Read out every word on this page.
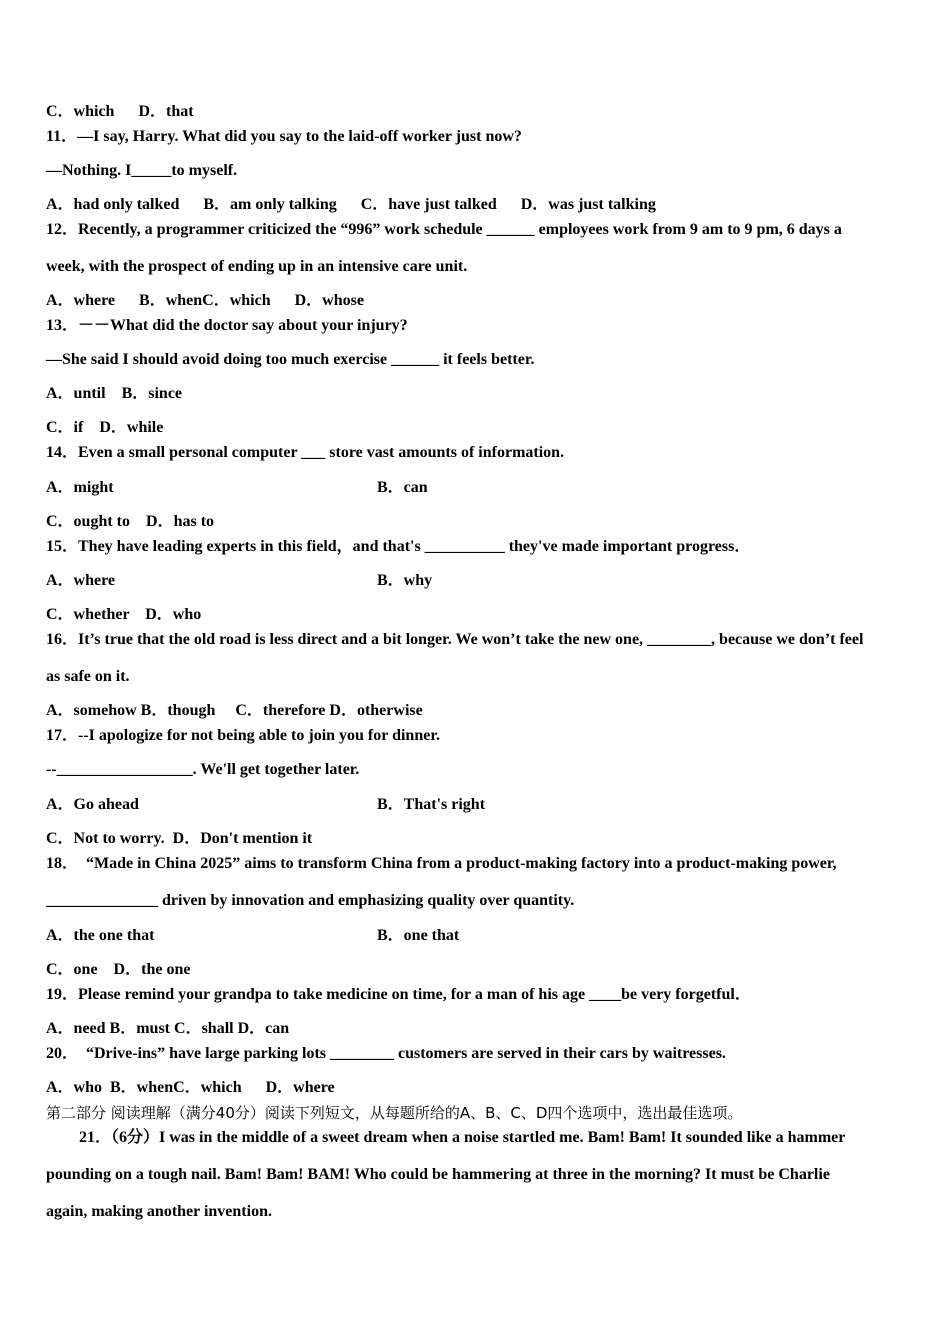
C．which      D．that
11．—I say, Harry. What did you say to the laid-off worker just now?
—Nothing. I_____to myself.
A．had only talked      B．am only talking      C．have just talked      D．was just talking
12．Recently, a programmer criticized the “996” work schedule ______ employees work from 9 am to 9 pm, 6 days a
week, with the prospect of ending up in an intensive care unit.
A．where      B．whenC．which      D．whose
13．－－What did the doctor say about your injury?
—She said I should avoid doing too much exercise ______ it feels better.
A．until    B．since
C．if    D．while
14．Even a small personal computer ___ store vast amounts of information.
A．might	B．can
C．ought to    D．has to
15．They have leading experts in this field，and that's __________ they've made important progress．
A．where	B．why
C．whether    D．who
16．It’s true that the old road is less direct and a bit longer. We won’t take the new one, ________, because we don’t feel
as safe on it.
A．somehow B．though     C．therefore D．otherwise
17．--I apologize for not being able to join you for dinner.
--_________________. We'll get together later.
A．Go ahead	B．That's right
C．Not to worry.  D．Don't mention it
18．  “Made in China 2025” aims to transform China from a product-making factory into a product-making power,
______________ driven by innovation and emphasizing quality over quantity.
A．the one that	B．one that
C．one    D．the one
19．Please remind your grandpa to take medicine on time, for a man of his age ____be very forgetful．
A．need B．must C．shall D．can
20．  “Drive-ins” have large parking lots ________ customers are served in their cars by waitresses.
A．who  B．whenC．which      D．where
第二部分 阅读理解（满分40分）阅读下列短文，从每题所给的A、B、C、D四个选项中，选出最佳选项。
21．（6分）I was in the middle of a sweet dream when a noise startled me. Bam! Bam! It sounded like a hammer
pounding on a tough nail. Bam! Bam! BAM! Who could be hammering at three in the morning? It must be Charlie
again, making another invention.
